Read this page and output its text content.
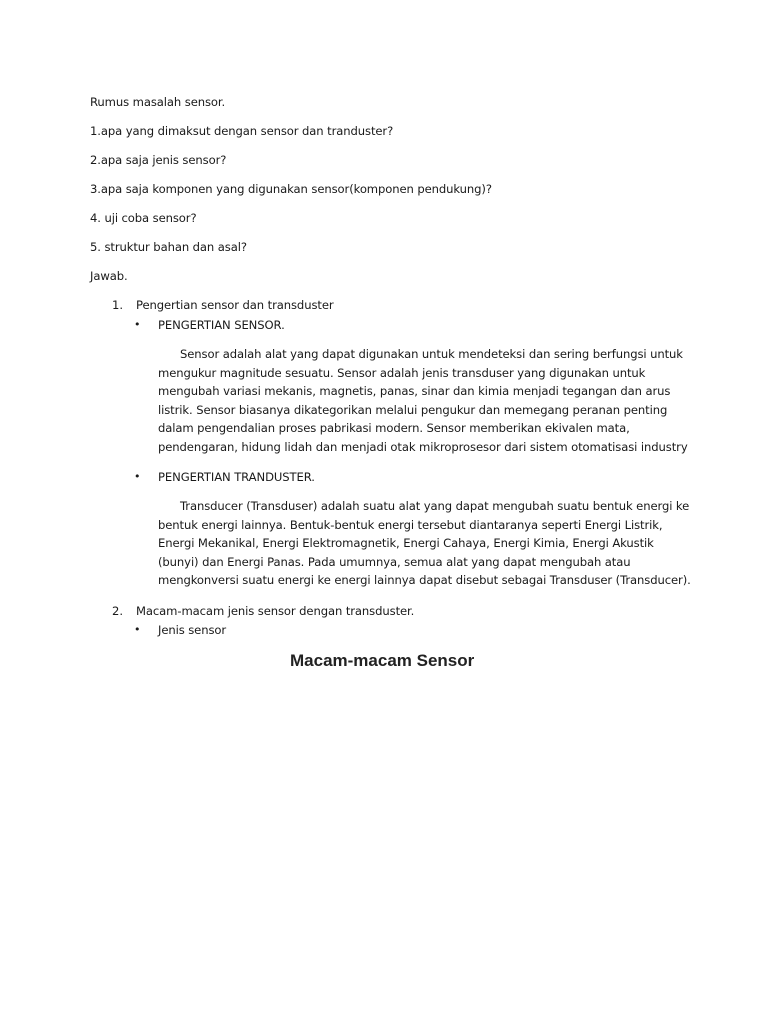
Rumus masalah sensor.
1.apa yang dimaksut dengan sensor dan tranduster?
2.apa saja jenis sensor?
3.apa saja komponen yang digunakan sensor(komponen pendukung)?
4. uji coba sensor?
5. struktur bahan dan asal?
Jawab.
1. Pengertian sensor dan transduster
• PENGERTIAN SENSOR.
Sensor adalah alat yang dapat digunakan untuk mendeteksi dan sering berfungsi untuk
mengukur magnitude sesuatu. Sensor adalah jenis transduser yang digunakan untuk
mengubah variasi mekanis, magnetis, panas, sinar dan kimia menjadi tegangan dan arus
listrik. Sensor biasanya dikategorikan melalui pengukur dan memegang peranan penting
dalam pengendalian proses pabrikasi modern. Sensor memberikan ekivalen mata,
pendengaran, hidung lidah dan menjadi otak mikroprosesor dari sistem otomatisasi industry
• PENGERTIAN TRANDUSTER.
Transducer (Transduser) adalah suatu alat yang dapat mengubah suatu bentuk energi ke
bentuk energi lainnya. Bentuk-bentuk energi tersebut diantaranya seperti Energi Listrik,
Energi Mekanikal, Energi Elektromagnetik, Energi Cahaya, Energi Kimia, Energi Akustik
(bunyi) dan Energi Panas. Pada umumnya, semua alat yang dapat mengubah atau
mengkonversi suatu energi ke energi lainnya dapat disebut sebagai Transduser (Transducer).
2. Macam-macam jenis sensor dengan transduster.
• Jenis sensor
Macam-macam Sensor
